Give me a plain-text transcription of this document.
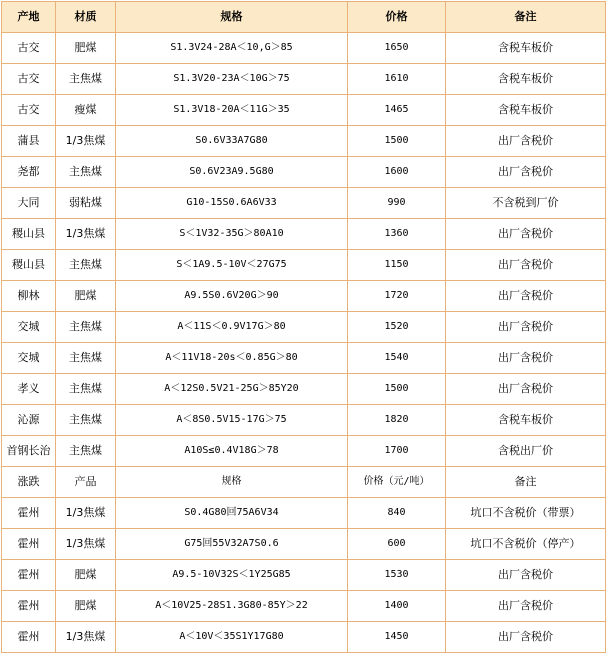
产地	材质	规格	价格	备注
古交	肥煤	S1.3V24-28A＜10,G＞85	1650	含税车板价
古交	主焦煤	S1.3V20-23A＜10G＞75	1610	含税车板价
古交	瘦煤	S1.3V18-20A＜11G＞35	1465	含税车板价
蒲县	1/3焦煤	S0.6V33A7G80	1500	出厂含税价
尧都	主焦煤	S0.6V23A9.5G80	1600	出厂含税价
大同	弱粘煤	G10-15S0.6A6V33	990	不含税到厂价
稷山县	1/3焦煤	S＜1V32-35G＞80A10	1360	出厂含税价
稷山县	主焦煤	S＜1A9.5-10V＜27G75	1150	出厂含税价
柳林	肥煤	A9.5S0.6V20G＞90	1720	出厂含税价
交城	主焦煤	A＜11S＜0.9V17G＞80	1520	出厂含税价
交城	主焦煤	A＜11V18-20s＜0.85G＞80	1540	出厂含税价
孝义	主焦煤	A＜12S0.5V21-25G＞85Y20	1500	出厂含税价
沁源	主焦煤	A＜8S0.5V15-17G＞75	1820	含税车板价
首钢长治	主焦煤	A10S≤0.4V18G＞78	1700	含税出厂价
涨跌	产品	规格	价格（元/吨）	备注
霍州	1/3焦煤	S0.4G80回75A6V34	840	坑口不含税价（带票）
霍州	1/3焦煤	G75回55V32A7S0.6	600	坑口不含税价（停产）
霍州	肥煤	A9.5-10V32S＜1Y25G85	1530	出厂含税价
霍州	肥煤	A＜10V25-28S1.3G80-85Y＞22	1400	出厂含税价
霍州	1/3焦煤	A＜10V＜35S1Y17G80	1450	出厂含税价
